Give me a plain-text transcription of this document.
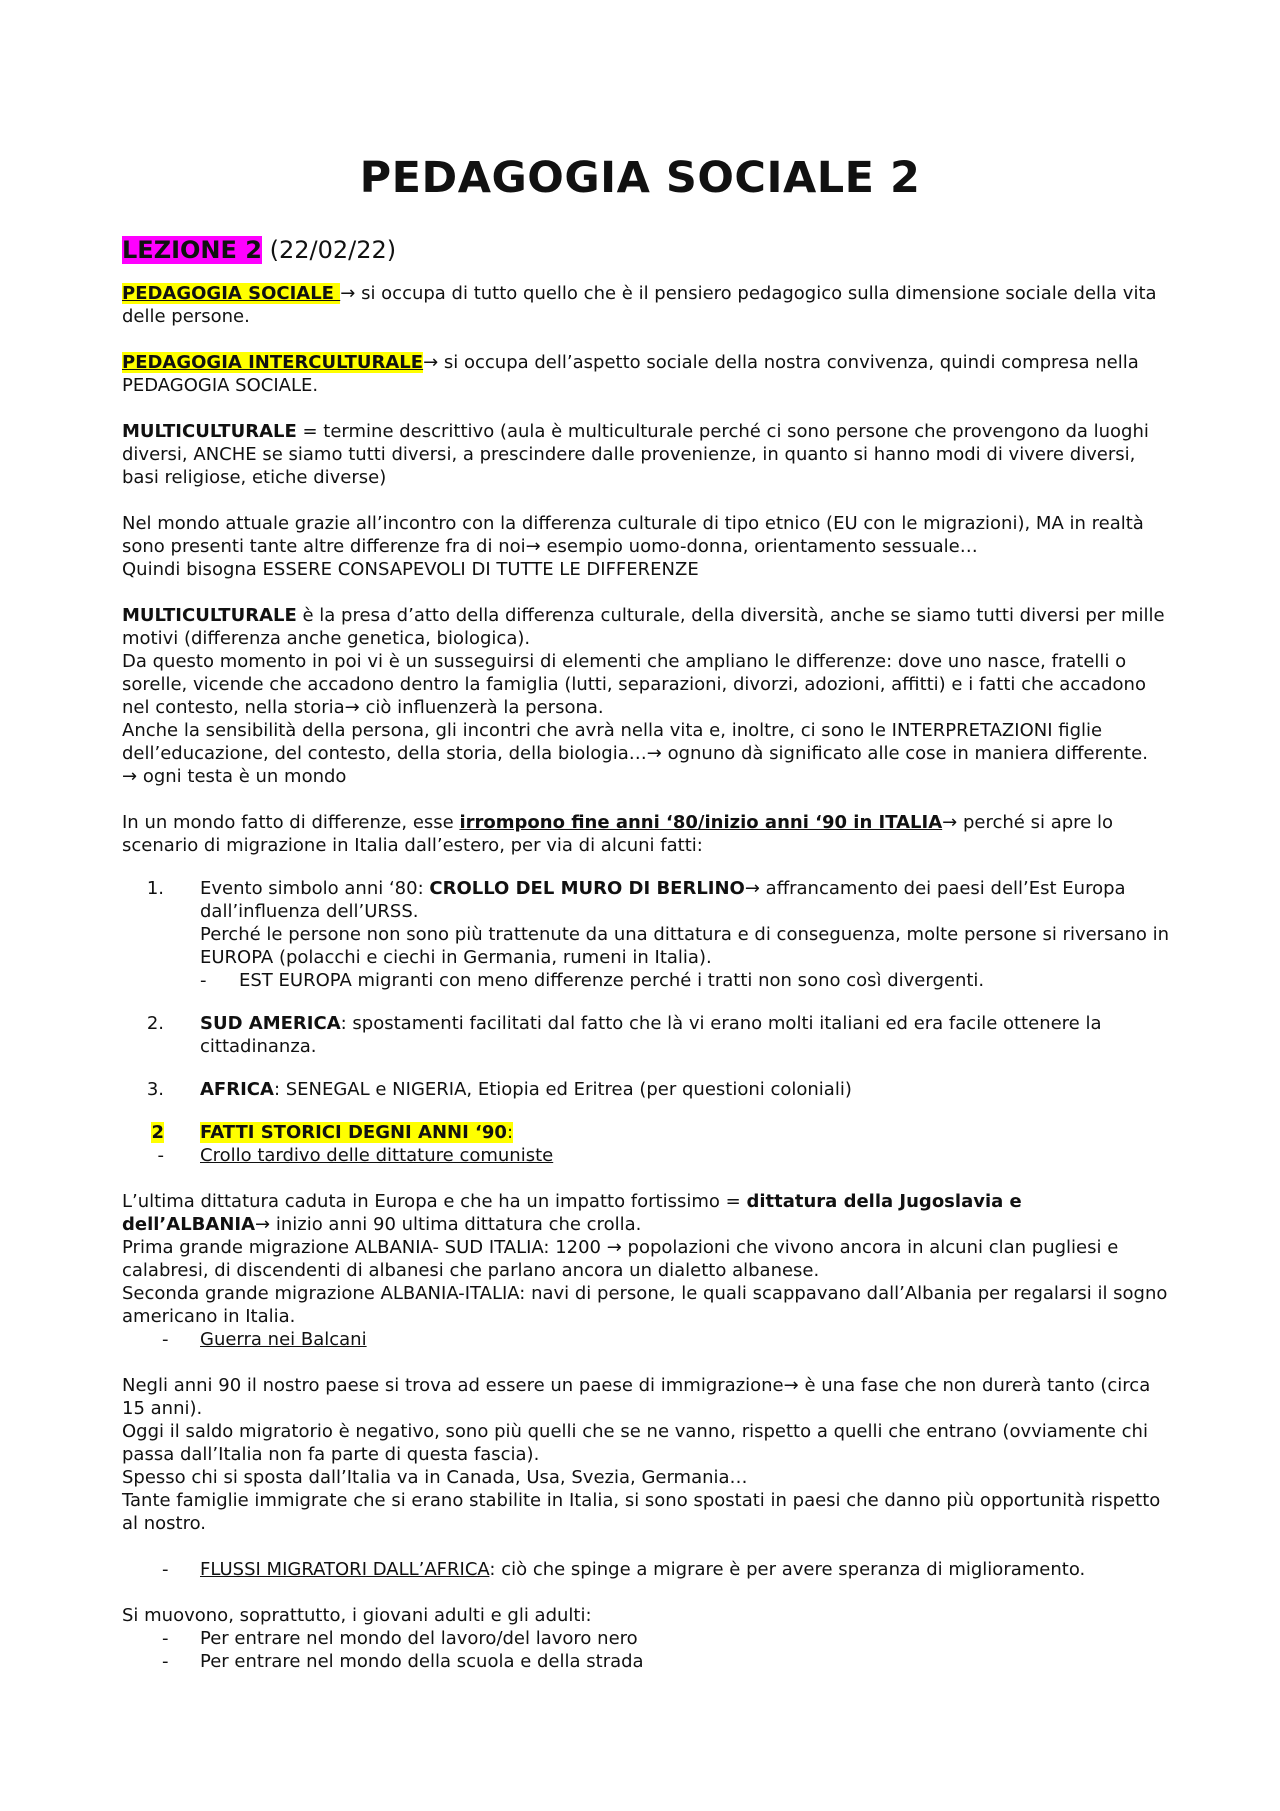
PEDAGOGIA SOCIALE 2

LEZIONE 2 (22/02/22)

PEDAGOGIA SOCIALE → si occupa di tutto quello che è il pensiero pedagogico sulla dimensione sociale della vita delle persone.

PEDAGOGIA INTERCULTURALE→ si occupa dell’aspetto sociale della nostra convivenza, quindi compresa nella PEDAGOGIA SOCIALE.

MULTICULTURALE = termine descrittivo (aula è multiculturale perché ci sono persone che provengono da luoghi diversi, ANCHE se siamo tutti diversi, a prescindere dalle provenienze, in quanto si hanno modi di vivere diversi, basi religiose, etiche diverse)

Nel mondo attuale grazie all’incontro con la differenza culturale di tipo etnico (EU con le migrazioni), MA in realtà sono presenti tante altre differenze fra di noi→ esempio uomo-donna, orientamento sessuale…

Quindi bisogna ESSERE CONSAPEVOLI DI TUTTE LE DIFFERENZE

MULTICULTURALE è la presa d’atto della differenza culturale, della diversità, anche se siamo tutti diversi per mille motivi (differenza anche genetica, biologica).

Da questo momento in poi vi è un susseguirsi di elementi che ampliano le differenze: dove uno nasce, fratelli o sorelle, vicende che accadono dentro la famiglia (lutti, separazioni, divorzi, adozioni, affitti) e i fatti che accadono nel contesto, nella storia→ ciò influenzerà la persona.

Anche la sensibilità della persona, gli incontri che avrà nella vita e, inoltre, ci sono le INTERPRETAZIONI figlie dell’educazione, del contesto, della storia, della biologia…→ ognuno dà significato alle cose in maniera differente.

→ ogni testa è un mondo

In un mondo fatto di differenze, esse irrompono fine anni ‘80/inizio anni ‘90 in ITALIA→ perché si apre lo scenario di migrazione in Italia dall’estero, per via di alcuni fatti:

1.	Evento simbolo anni ‘80: CROLLO DEL MURO DI BERLINO→ affrancamento dei paesi dell’Est Europa dall’influenza dell’URSS.

Perché le persone non sono più trattenute da una dittatura e di conseguenza, molte persone si riversano in EUROPA (polacchi e ciechi in Germania, rumeni in Italia).

-	EST EUROPA migranti con meno differenze perché i tratti non sono così divergenti.
2.	SUD AMERICA: spostamenti facilitati dal fatto che là vi erano molti italiani ed era facile ottenere la cittadinanza.

3.	AFRICA: SENEGAL e NIGERIA, Etiopia ed Eritrea (per questioni coloniali)

2	FATTI STORICI DEGNI ANNI ‘90:

-	Crollo tardivo delle dittature comuniste

L’ultima dittatura caduta in Europa e che ha un impatto fortissimo = dittatura della Jugoslavia e dell’ALBANIA→ inizio anni 90 ultima dittatura che crolla.

Prima grande migrazione ALBANIA- SUD ITALIA: 1200 → popolazioni che vivono ancora in alcuni clan pugliesi e calabresi, di discendenti di albanesi che parlano ancora un dialetto albanese.

Seconda grande migrazione ALBANIA-ITALIA: navi di persone, le quali scappavano dall’Albania per regalarsi il sogno americano in Italia.

-	Guerra nei Balcani

Negli anni 90 il nostro paese si trova ad essere un paese di immigrazione→ è una fase che non durerà tanto (circa 15 anni).

Oggi il saldo migratorio è negativo, sono più quelli che se ne vanno, rispetto a quelli che entrano (ovviamente chi passa dall’Italia non fa parte di questa fascia).

Spesso chi si sposta dall’Italia va in Canada, Usa, Svezia, Germania…

Tante famiglie immigrate che si erano stabilite in Italia, si sono spostati in paesi che danno più opportunità rispetto al nostro.

-	FLUSSI MIGRATORI DALL’AFRICA: ciò che spinge a migrare è per avere speranza di miglioramento.

Si muovono, soprattutto, i giovani adulti e gli adulti:

-	Per entrare nel mondo del lavoro/del lavoro nero
-	Per entrare nel mondo della scuola e della strada
